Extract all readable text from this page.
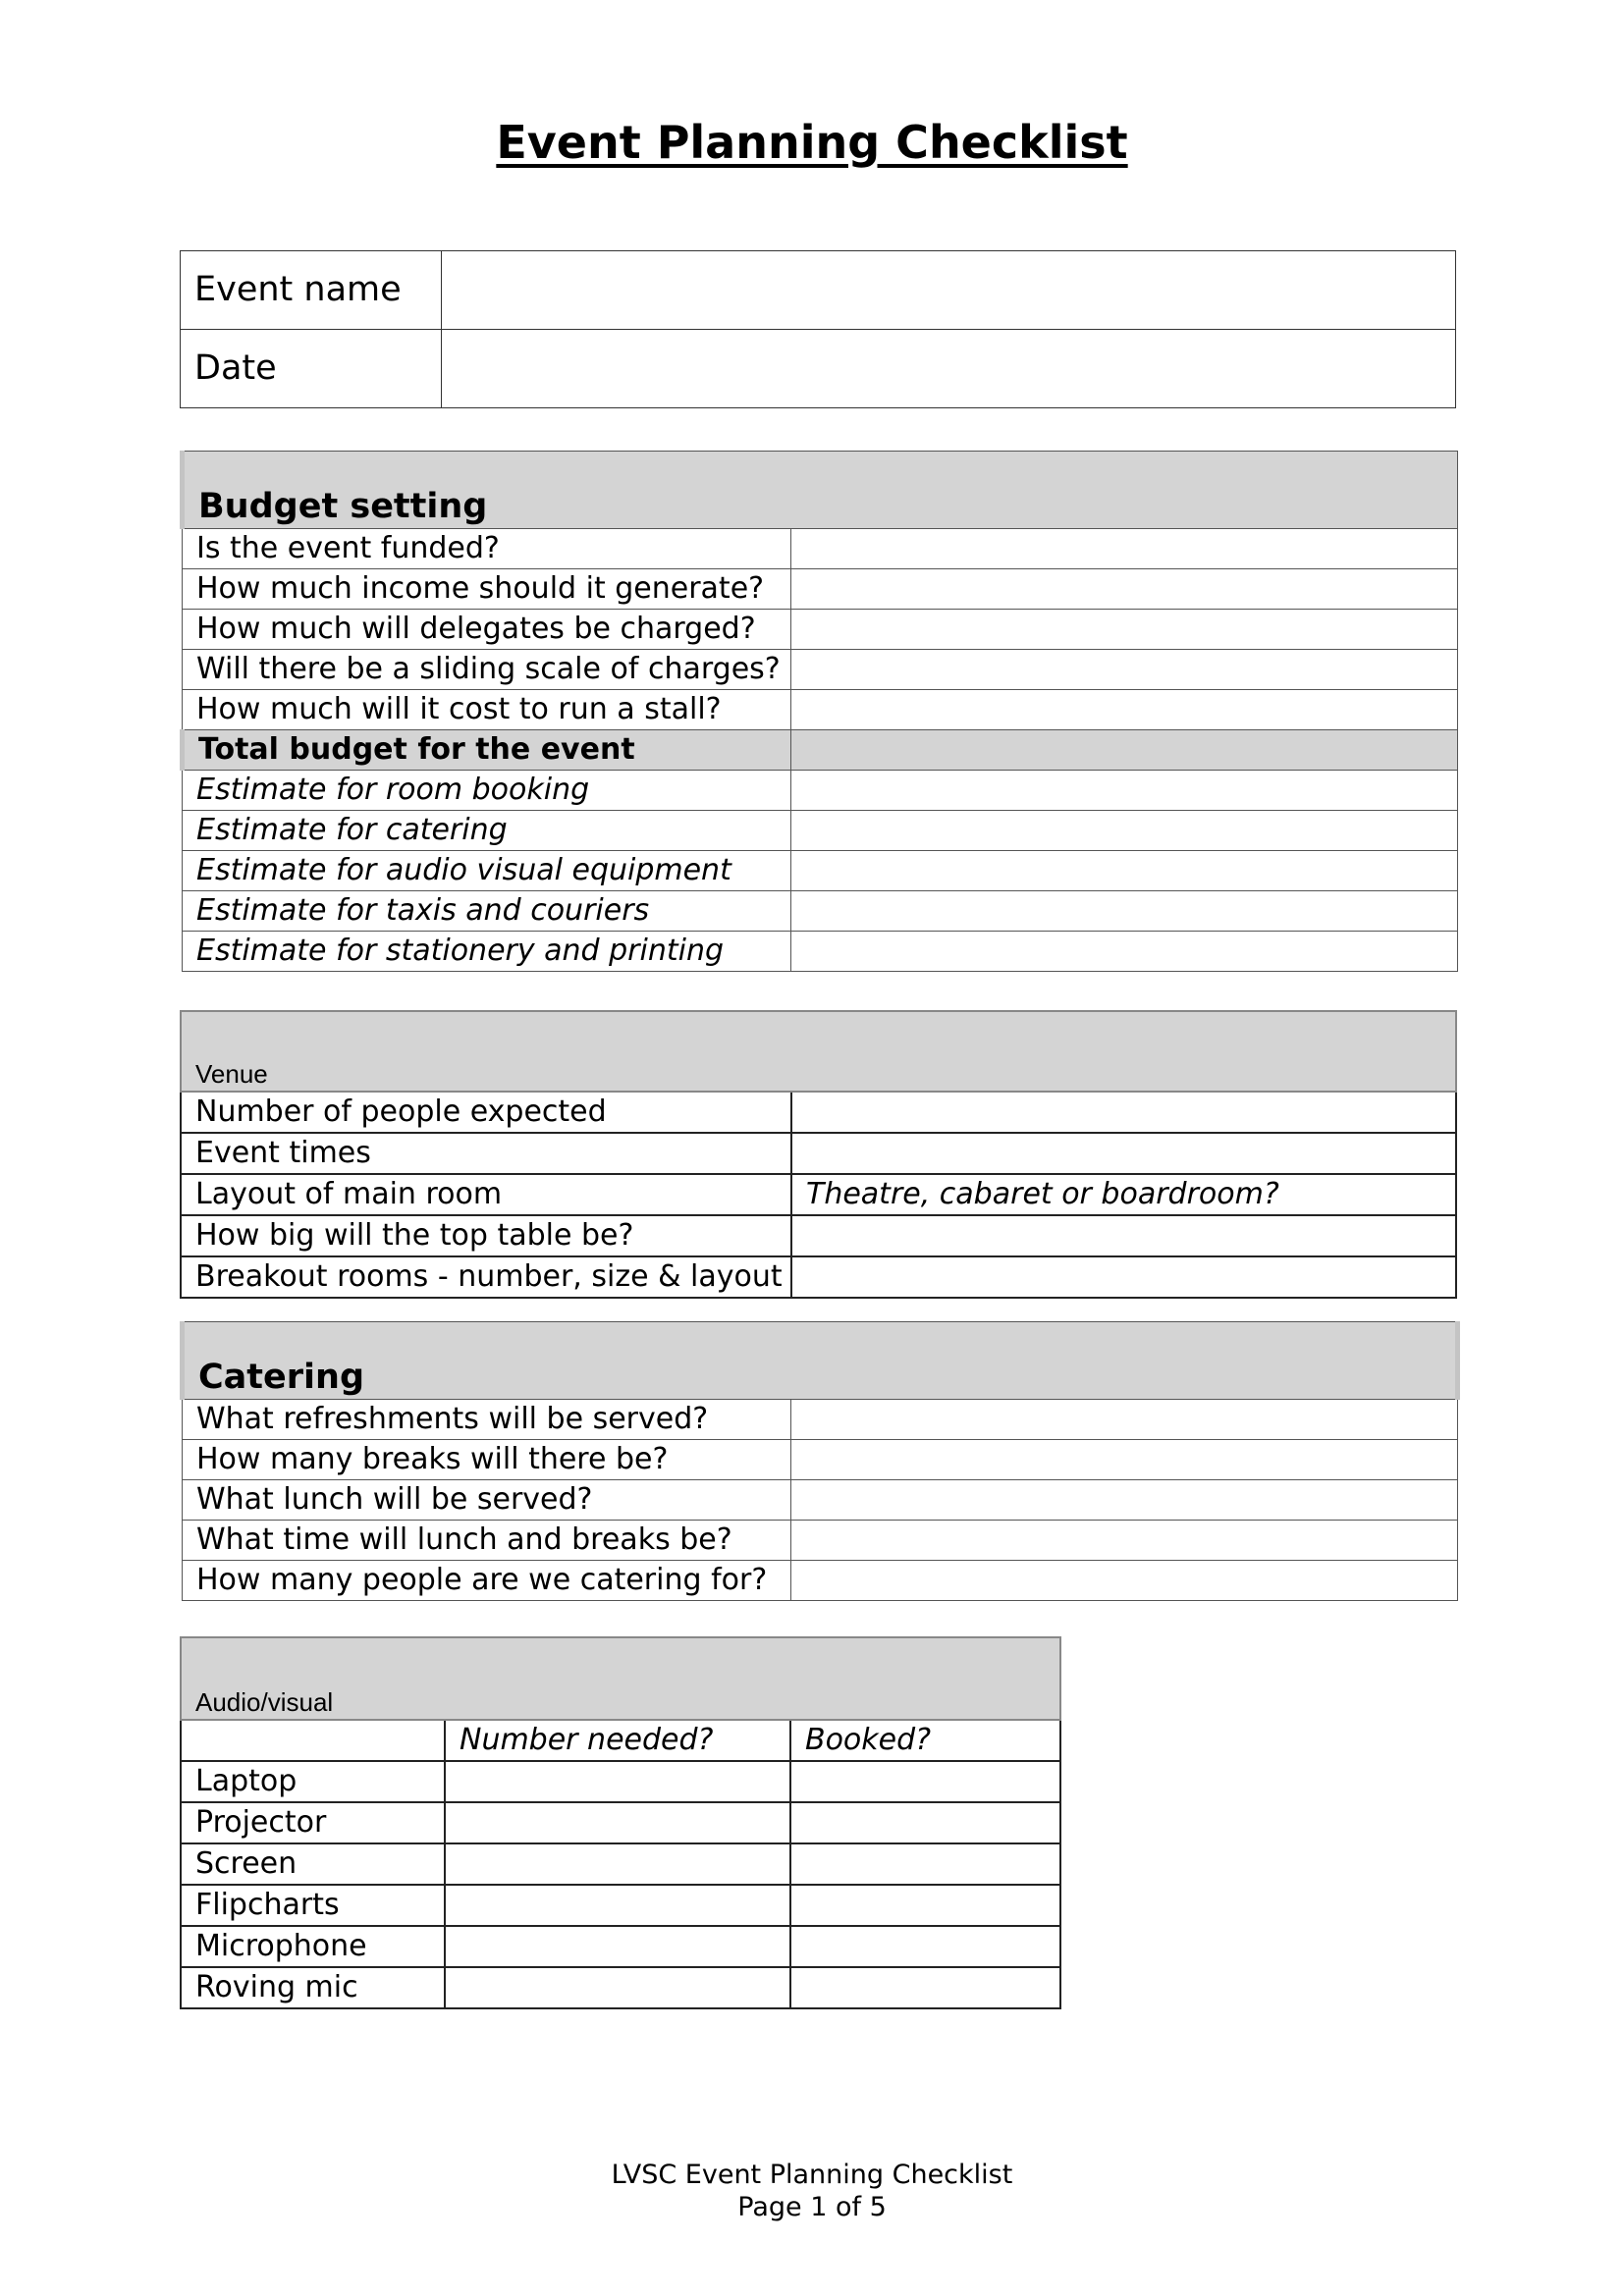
Event Planning Checklist
Event name	
Date	
Budget setting	
Is the event funded?	
How much income should it generate?	
How much will delegates be charged?	
Will there be a sliding scale of charges?	
How much will it cost to run a stall?	
Total budget for the event	
Estimate for room booking	
Estimate for catering	
Estimate for audio visual equipment	
Estimate for taxis and couriers	
Estimate for stationery and printing	
Venue	
Number of people expected	
Event times	
Layout of main room	Theatre, cabaret or boardroom?
How big will the top table be?	
Breakout rooms - number, size & layout	
Catering	
What refreshments will be served?	
How many breaks will there be?	
What lunch will be served?	
What time will lunch and breaks be?	
How many people are we catering for?	
Audio/visual		
	Number needed?	Booked?
Laptop		
Projector		
Screen		
Flipcharts		
Microphone		
Roving mic		
LVSC Event Planning Checklist
Page 1 of 5
